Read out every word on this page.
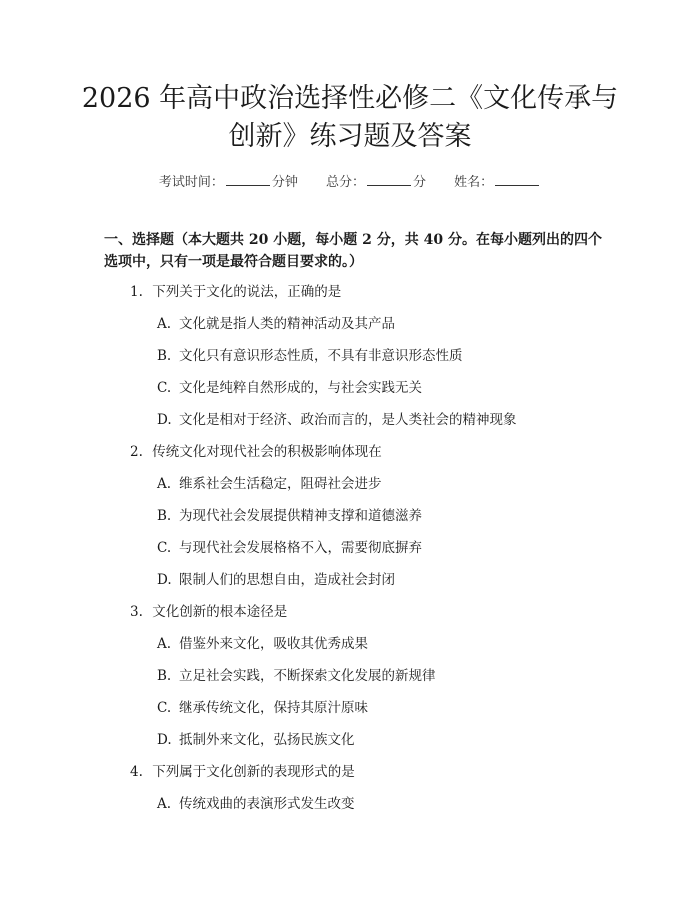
2026 年高中政治选择性必修二《文化传承与
创新》练习题及答案
考试时间：	分钟 总分：	分 姓名：

一、选择题（本大题共 20 小题，每小题 2 分，共 40 分。在每小题列出的四个选项中，只有一项是最符合题目要求的。）

1. 下列关于文化的说法，正确的是
A. 文化就是指人类的精神活动及其产品
B. 文化只有意识形态性质，不具有非意识形态性质
C. 文化是纯粹自然形成的，与社会实践无关
D. 文化是相对于经济、政治而言的，是人类社会的精神现象
2. 传统文化对现代社会的积极影响体现在
A. 维系社会生活稳定，阻碍社会进步
B. 为现代社会发展提供精神支撑和道德滋养
C. 与现代社会发展格格不入，需要彻底摒弃
D. 限制人们的思想自由，造成社会封闭
3. 文化创新的根本途径是
A. 借鉴外来文化，吸收其优秀成果
B. 立足社会实践，不断探索文化发展的新规律
C. 继承传统文化，保持其原汁原味
D. 抵制外来文化，弘扬民族文化
4. 下列属于文化创新的表现形式的是
A. 传统戏曲的表演形式发生改变
